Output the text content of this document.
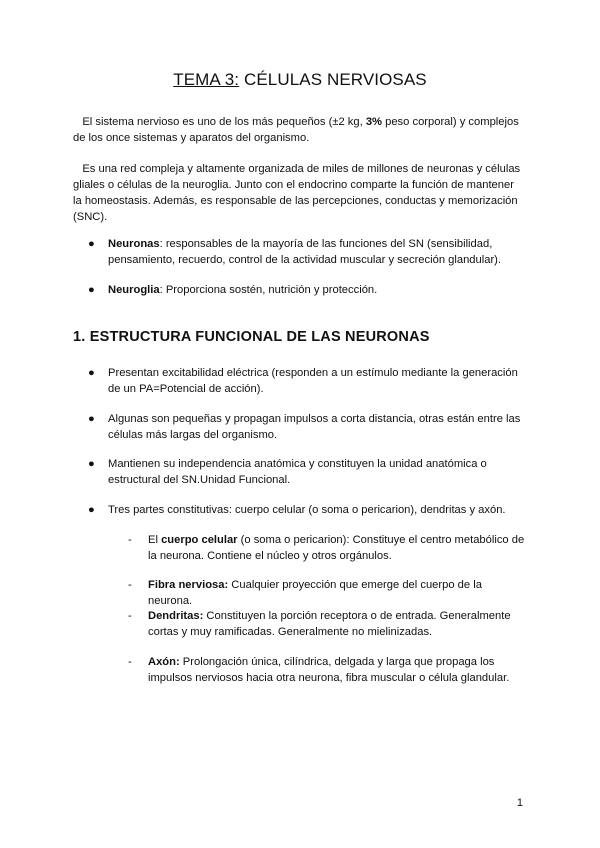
TEMA 3: CÉLULAS NERVIOSAS
El sistema nervioso es uno de los más pequeños (±2 kg, 3% peso corporal) y complejos de los once sistemas y aparatos del organismo.
Es una red compleja y altamente organizada de miles de millones de neuronas y células gliales o células de la neuroglia. Junto con el endocrino comparte la función de mantener la homeostasis. Además, es responsable de las percepciones, conductas y memorización (SNC).
● Neuronas: responsables de la mayoría de las funciones del SN (sensibilidad, pensamiento, recuerdo, control de la actividad muscular y secreción glandular).
● Neuroglia: Proporciona sostén, nutrición y protección.
1. ESTRUCTURA FUNCIONAL DE LAS NEURONAS
● Presentan excitabilidad eléctrica (responden a un estímulo mediante la generación de un PA=Potencial de acción).
● Algunas son pequeñas y propagan impulsos a corta distancia, otras están entre las células más largas del organismo.
● Mantienen su independencia anatómica y constituyen la unidad anatómica o estructural del SN.Unidad Funcional.
● Tres partes constitutivas: cuerpo celular (o soma o pericarion), dendritas y axón.
- El cuerpo celular (o soma o pericarion): Constituye el centro metabólico de la neurona. Contiene el núcleo y otros orgánulos.
- Fibra nerviosa: Cualquier proyección que emerge del cuerpo de la neurona.
- Dendritas: Constituyen la porción receptora o de entrada. Generalmente cortas y muy ramificadas. Generalmente no mielinizadas.
- Axón: Prolongación única, cilíndrica, delgada y larga que propaga los impulsos nerviosos hacia otra neurona, fibra muscular o célula glandular.
1
